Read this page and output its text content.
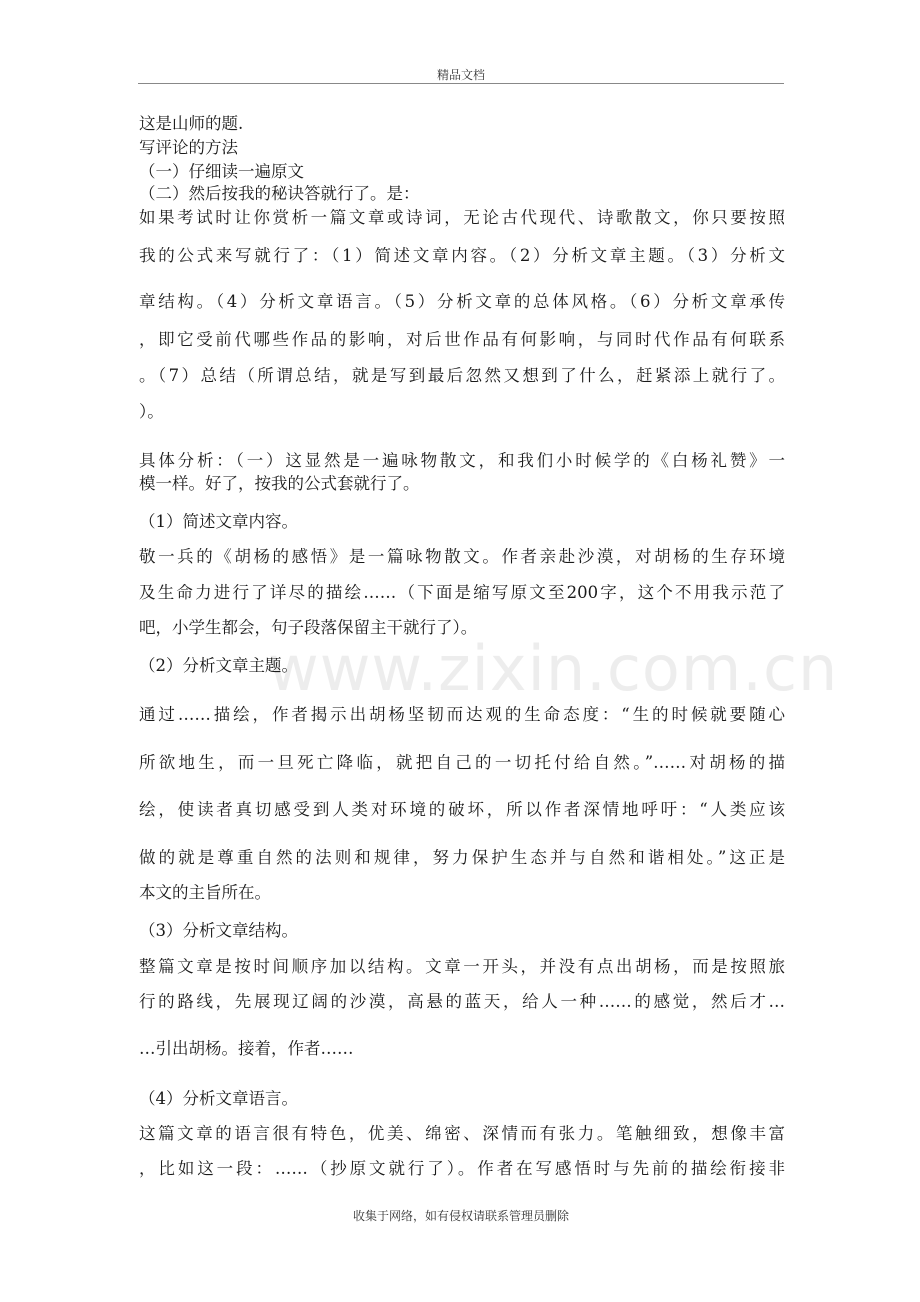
精品文档
www.zixin.com.cn
这是山师的题.
写评论的方法
（一）仔细读一遍原文
（二）然后按我的秘诀答就行了。是：
如果考试时让你赏析一篇文章或诗词，无论古代现代、诗歌散文，你只要按照
我的公式来写就行了：（1）简述文章内容。（2）分析文章主题。（3）分析文
章结构。（4）分析文章语言。（5）分析文章的总体风格。（6）分析文章承传
，即它受前代哪些作品的影响，对后世作品有何影响，与同时代作品有何联系
。（7）总结（所谓总结，就是写到最后忽然又想到了什么，赶紧添上就行了。
）。
具体分析：（一）这显然是一遍咏物散文，和我们小时候学的《白杨礼赞》一
模一样。好了，按我的公式套就行了。
（1）简述文章内容。
敬一兵的《胡杨的感悟》是一篇咏物散文。作者亲赴沙漠，对胡杨的生存环境
及生命力进行了详尽的描绘……（下面是缩写原文至200字，这个不用我示范了
吧，小学生都会，句子段落保留主干就行了）。
（2）分析文章主题。
通过……描绘，作者揭示出胡杨坚韧而达观的生命态度：“生的时候就要随心
所欲地生，而一旦死亡降临，就把自己的一切托付给自然。”……对胡杨的描
绘，使读者真切感受到人类对环境的破坏，所以作者深情地呼吁：“人类应该
做的就是尊重自然的法则和规律，努力保护生态并与自然和谐相处。”这正是
本文的主旨所在。
（3）分析文章结构。
整篇文章是按时间顺序加以结构。文章一开头，并没有点出胡杨，而是按照旅
行的路线，先展现辽阔的沙漠，高悬的蓝天，给人一种……的感觉，然后才…
…引出胡杨。接着，作者……
（4）分析文章语言。
这篇文章的语言很有特色，优美、绵密、深情而有张力。笔触细致，想像丰富
，比如这一段：……（抄原文就行了）。作者在写感悟时与先前的描绘衔接非
收集于网络，如有侵权请联系管理员删除
